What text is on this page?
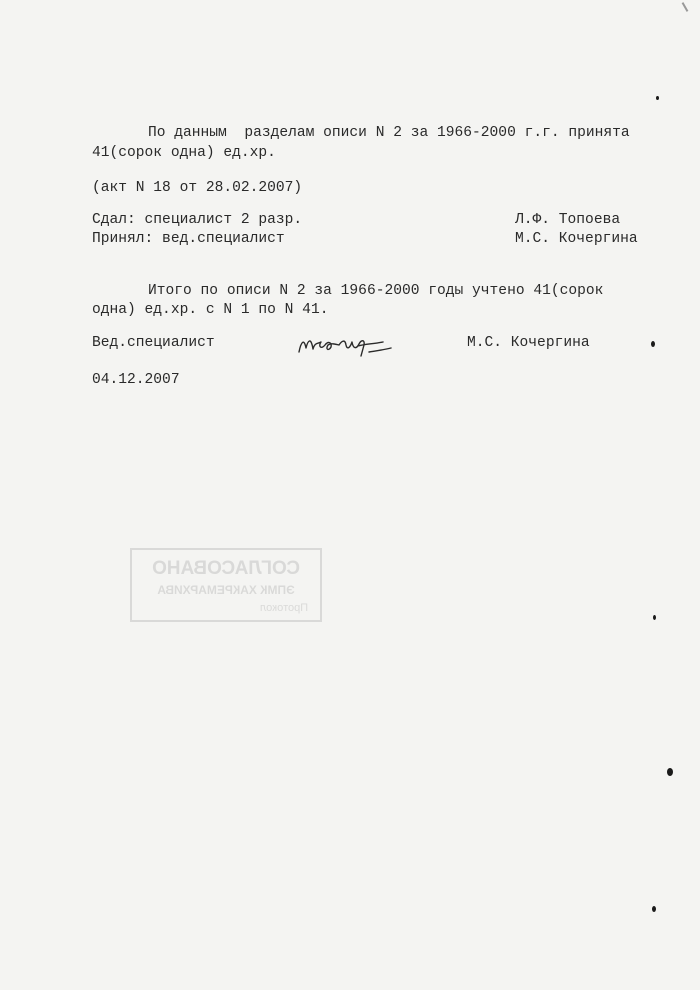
По данным  разделам описи N 2 за 1966-2000 г.г. принята
41(сорок одна) ед.хр.
(акт N 18 от 28.02.2007)
Сдал: специалист 2 разр.	Л.Ф. Топоева
Принял: вед.специалист	М.С. Кочергина
Итого по описи N 2 за 1966-2000 годы учтено 41(сорок
одна) ед.хр. с N 1 по N 41.
Вед.специалист	М.С. Кочергина
04.12.2007
СОГЛАСОВАНО
ЭПМК ХАКРЕМАРХИВА
Протокол
